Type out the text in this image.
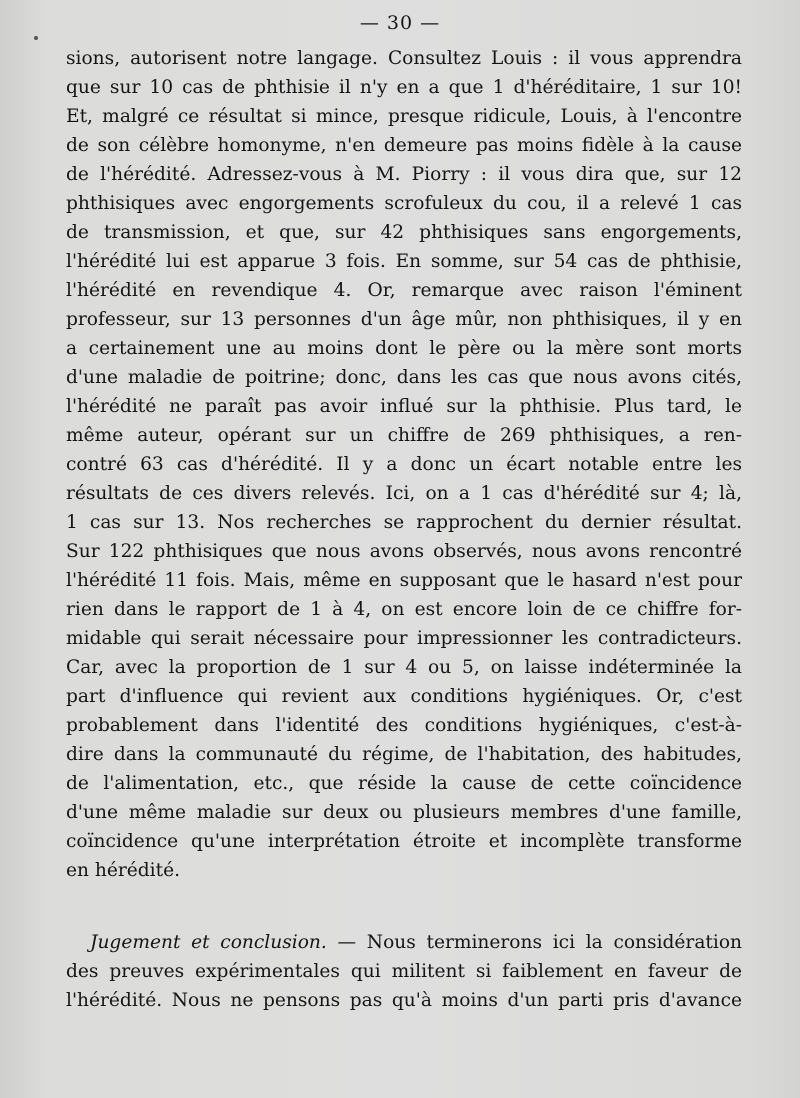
— 30 —
sions, autorisent notre langage. Consultez Louis : il vous apprendra
que sur 10 cas de phthisie il n'y en a que 1 d'héréditaire, 1 sur 10!
Et, malgré ce résultat si mince, presque ridicule, Louis, à l'encontre
de son célèbre homonyme, n'en demeure pas moins fidèle à la cause
de l'hérédité. Adressez-vous à M. Piorry : il vous dira que, sur 12
phthisiques avec engorgements scrofuleux du cou, il a relevé 1 cas
de transmission, et que, sur 42 phthisiques sans engorgements,
l'hérédité lui est apparue 3 fois. En somme, sur 54 cas de phthisie,
l'hérédité en revendique 4. Or, remarque avec raison l'éminent
professeur, sur 13 personnes d'un âge mûr, non phthisiques, il y en
a certainement une au moins dont le père ou la mère sont morts
d'une maladie de poitrine; donc, dans les cas que nous avons cités,
l'hérédité ne paraît pas avoir influé sur la phthisie. Plus tard, le
même auteur, opérant sur un chiffre de 269 phthisiques, a ren-
contré 63 cas d'hérédité. Il y a donc un écart notable entre les
résultats de ces divers relevés. Ici, on a 1 cas d'hérédité sur 4; là,
1 cas sur 13. Nos recherches se rapprochent du dernier résultat.
Sur 122 phthisiques que nous avons observés, nous avons rencontré
l'hérédité 11 fois. Mais, même en supposant que le hasard n'est pour
rien dans le rapport de 1 à 4, on est encore loin de ce chiffre for-
midable qui serait nécessaire pour impressionner les contradicteurs.
Car, avec la proportion de 1 sur 4 ou 5, on laisse indéterminée la
part d'influence qui revient aux conditions hygiéniques. Or, c'est
probablement dans l'identité des conditions hygiéniques, c'est-à-
dire dans la communauté du régime, de l'habitation, des habitudes,
de l'alimentation, etc., que réside la cause de cette coïncidence
d'une même maladie sur deux ou plusieurs membres d'une famille,
coïncidence qu'une interprétation étroite et incomplète transforme
en hérédité.
Jugement et conclusion. — Nous terminerons ici la considération
des preuves expérimentales qui militent si faiblement en faveur de
l'hérédité. Nous ne pensons pas qu'à moins d'un parti pris d'avance
